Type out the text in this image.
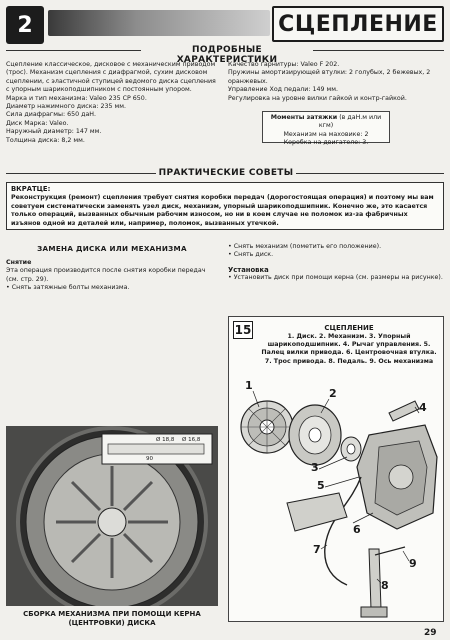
2	СЦЕПЛЕНИЕ
ПОДРОБНЫЕ ХАРАКТЕРИСТИКИ

Сцепление классическое, дисковое с механическим приводом (трос). Механизм сцепления с диафрагмой, сухим дисковом сцеплении, с эластичной ступицей ведомого диска сцепления с упорным шарикоподшипником с постоянным упором.

Марка и тип механизма: Valeo 235 CP 650.

Диаметр нажимного диска: 235 мм.

Сила диафрагмы: 650 даН.

Диск Марка: Valeo.

Наружный диаметр: 147 мм.

Толщина диска: 8,2 мм.

Качество гарнитуры: Valeo F 202.

Пружины амортизирующей втулки: 2 голубых, 2 бежевых, 2 оранжевых.

Управление Ход педали: 149 мм.

Регулировка на уровне вилки гайкой и контр-гайкой.

Моменты затяжки (в даН.м или кгм)
Механизм на маховике: 2
Коробка на двигателе: 3.
ПРАКТИЧЕСКИЕ СОВЕТЫ
ВКРАТЦЕ:
Реконструкция (ремонт) сцепления требует снятия коробки передач (дорогостоящая операция) и поэтому мы вам советуем систематически заменять узел диск, механизм, упорный шарикоподшипник. Конечно же, это касается только операций, вызванных обычным рабочим износом, но ни в коем случае не поломок из-за фабричных изъянов одной из деталей или, например, поломок, вызванных утечкой.
ЗАМЕНА ДИСКА ИЛИ МЕХАНИЗМА

Снятие

Эта операция производится после снятия коробки передач (см. стр. 29).

• Снять затяжные болты механизма.

• Снять механизм (пометить его положение).

• Снять диск.

Установка

• Установить диск при помощи керна (см. размеры на рисунке).

15	СЦЕПЛЕНИЕ
1. Диск. 2. Механизм. 3. Упорный шарикоподшипник. 4. Рычаг управления. 5. Палец вилки привода. 6. Центровочная втулка. 7. Трос привода. 8. Педаль. 9. Ось механизма
1
2
3
4
5
6
7
8
9
Ø 18,8 Ø 16,8
90
СБОРКА МЕХАНИЗМА ПРИ ПОМОЩИ КЕРНА (ЦЕНТРОВКИ) ДИСКА
29
